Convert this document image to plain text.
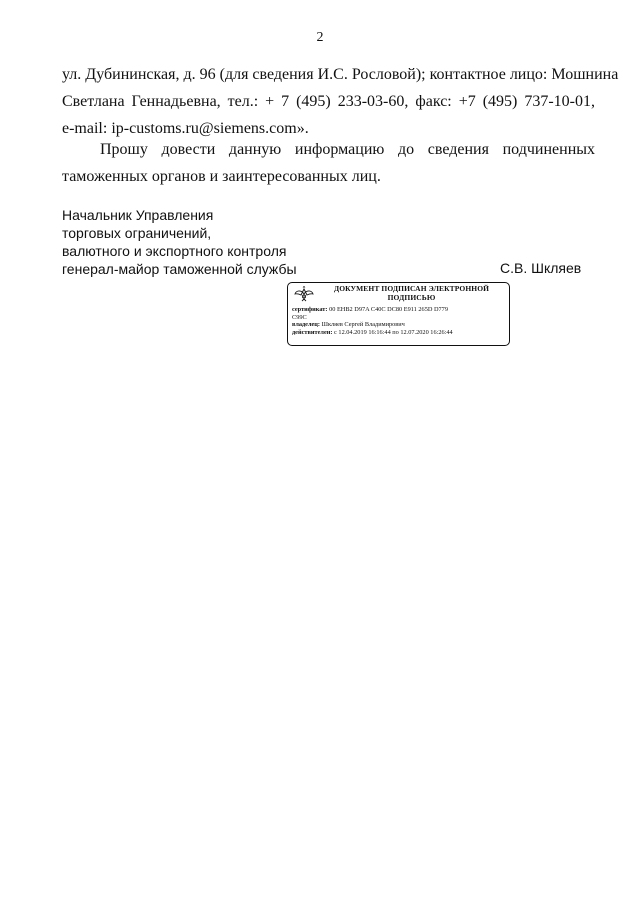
2
ул. Дубининская, д. 96 (для сведения И.С. Рословой); контактное лицо: Мошнина
Светлана Геннадьевна, тел.: + 7 (495) 233-03-60, факс: +7 (495) 737-10-01,
e-mail: ip-customs.ru@siemens.com».
Прошу довести данную информацию до сведения подчиненных
таможенных органов и заинтересованных лиц.
Начальник Управления
торговых ограничений,
валютного и экспортного контроля
генерал-майор таможенной службы	С.В. Шкляев
ДОКУМЕНТ ПОДПИСАН ЭЛЕКТРОННОЙ ПОДПИСЬЮ
сертификат: 00 EHB2 D97A C40C DC80 E911 265D D779
C99C
владелец: Шкляев Сергей Владимирович
действителен: с 12.04.2019 16:16:44 по 12.07.2020 16:26:44
